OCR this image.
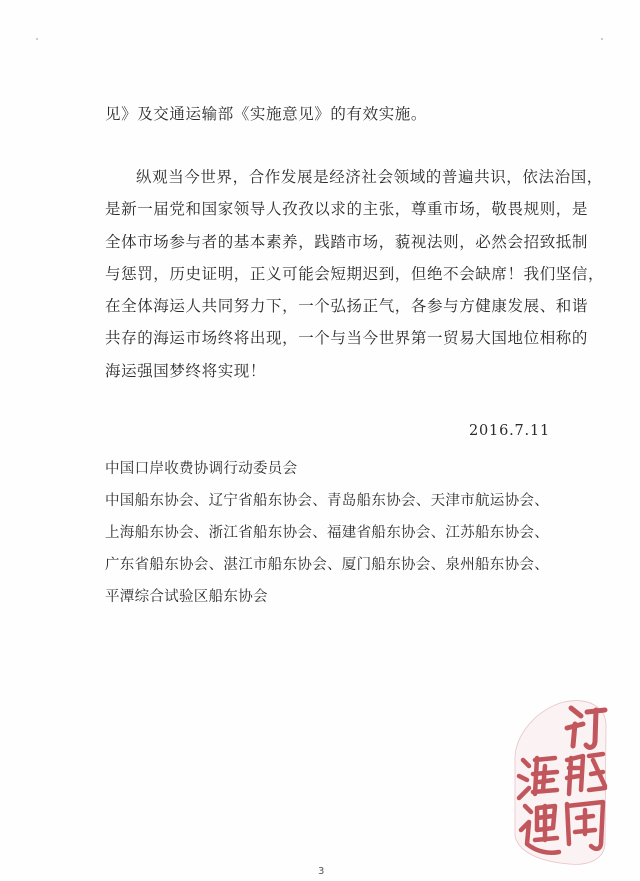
见》及交通运输部《实施意见》的有效实施。
纵观当今世界，合作发展是经济社会领域的普遍共识，依法治国，
是新一届党和国家领导人孜孜以求的主张，尊重市场，敬畏规则，是
全体市场参与者的基本素养，践踏市场，藐视法则，必然会招致抵制
与惩罚，历史证明，正义可能会短期迟到，但绝不会缺席！我们坚信，
在全体海运人共同努力下，一个弘扬正气，各参与方健康发展、和谐
共存的海运市场终将出现，一个与当今世界第一贸易大国地位相称的
海运强国梦终将实现！
2016.7.11
中国口岸收费协调行动委员会
中国船东协会、辽宁省船东协会、青岛船东协会、天津市航运协会、
上海船东协会、浙江省船东协会、福建省船东协会、江苏船东协会、
广东省船东协会、湛江市船东协会、厦门船东协会、泉州船东协会、
平潭综合试验区船东协会
3
